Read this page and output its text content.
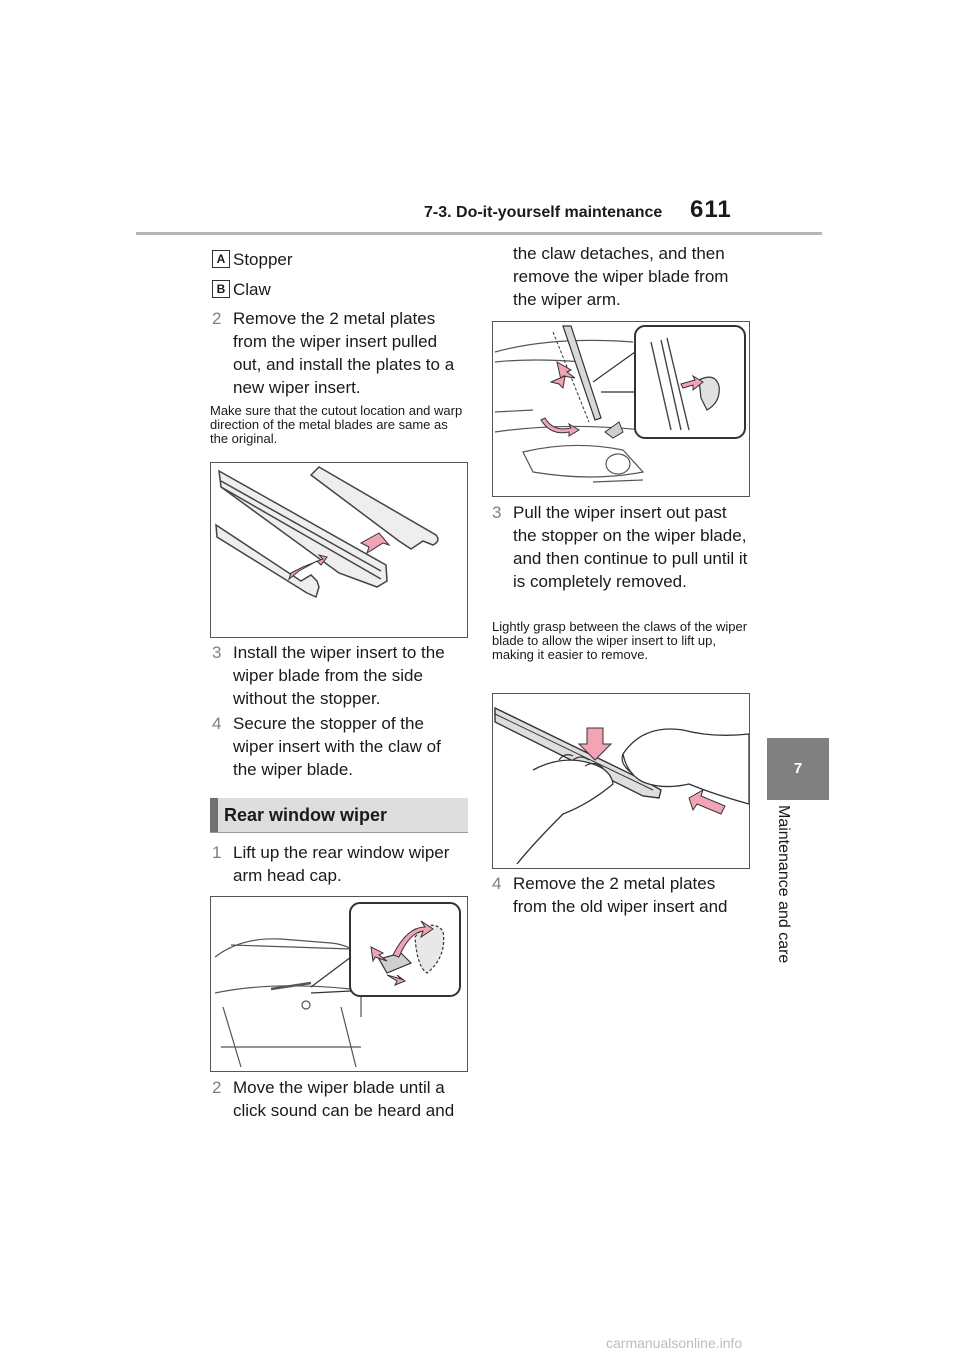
7-3. Do-it-yourself maintenance 611
7
Maintenance and care
A Stopper
B Claw
2 Remove the 2 metal plates from the wiper insert pulled out, and install the plates to a new wiper insert.
Make sure that the cutout location and warp direction of the metal blades are same as the original.
3 Install the wiper insert to the wiper blade from the side without the stopper.
4 Secure the stopper of the wiper insert with the claw of the wiper blade.
Rear window wiper
1 Lift up the rear window wiper arm head cap.
2 Move the wiper blade until a click sound can be heard and
the claw detaches, and then remove the wiper blade from the wiper arm.
3 Pull the wiper insert out past the stopper on the wiper blade, and then continue to pull until it is completely removed.
Lightly grasp between the claws of the wiper blade to allow the wiper insert to lift up, making it easier to remove.
4 Remove the 2 metal plates from the old wiper insert and
carmanualsonline.info
